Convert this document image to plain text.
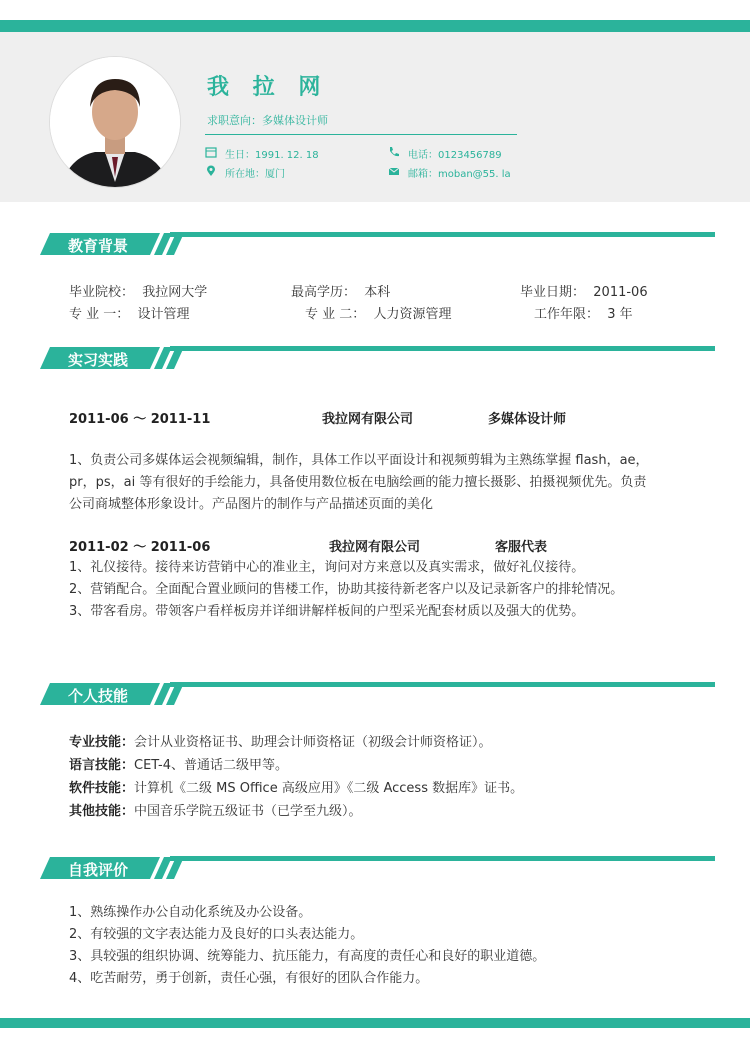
我 拉 网
求职意向：多媒体设计师
生日：1991. 12. 18	电话：0123456789
所在地：厦门	邮箱：moban@55. la
教育背景
毕业院校： 我拉网大学	最高学历： 本科	毕业日期： 2011-06
专 业 一： 设计管理	专 业 二： 人力资源管理	工作年限： 3 年
实习实践
2011-06 ～ 2011-11	我拉网有限公司	多媒体设计师
1、负责公司多媒体运会视频编辑，制作，具体工作以平面设计和视频剪辑为主熟练掌握 flash，ae，
pr，ps，ai 等有很好的手绘能力，具备使用数位板在电脑绘画的能力擅长摄影、拍摄视频优先。负责
公司商城整体形象设计。产品图片的制作与产品描述页面的美化
2011-02 ～ 2011-06	我拉网有限公司	客服代表
1、礼仪接待。接待来访营销中心的准业主，询问对方来意以及真实需求，做好礼仪接待。
2、营销配合。全面配合置业顾问的售楼工作，协助其接待新老客户以及记录新客户的排轮情况。
3、带客看房。带领客户看样板房并详细讲解样板间的户型采光配套材质以及强大的优势。
个人技能
专业技能：会计从业资格证书、助理会计师资格证（初级会计师资格证）。
语言技能：CET-4、普通话二级甲等。
软件技能：计算机《二级 MS Office 高级应用》《二级 Access 数据库》证书。
其他技能：中国音乐学院五级证书（已学至九级）。
自我评价
1、熟练操作办公自动化系统及办公设备。
2、有较强的文字表达能力及良好的口头表达能力。
3、具较强的组织协调、统筹能力、抗压能力，有高度的责任心和良好的职业道德。
4、吃苦耐劳，勇于创新，责任心强，有很好的团队合作能力。
